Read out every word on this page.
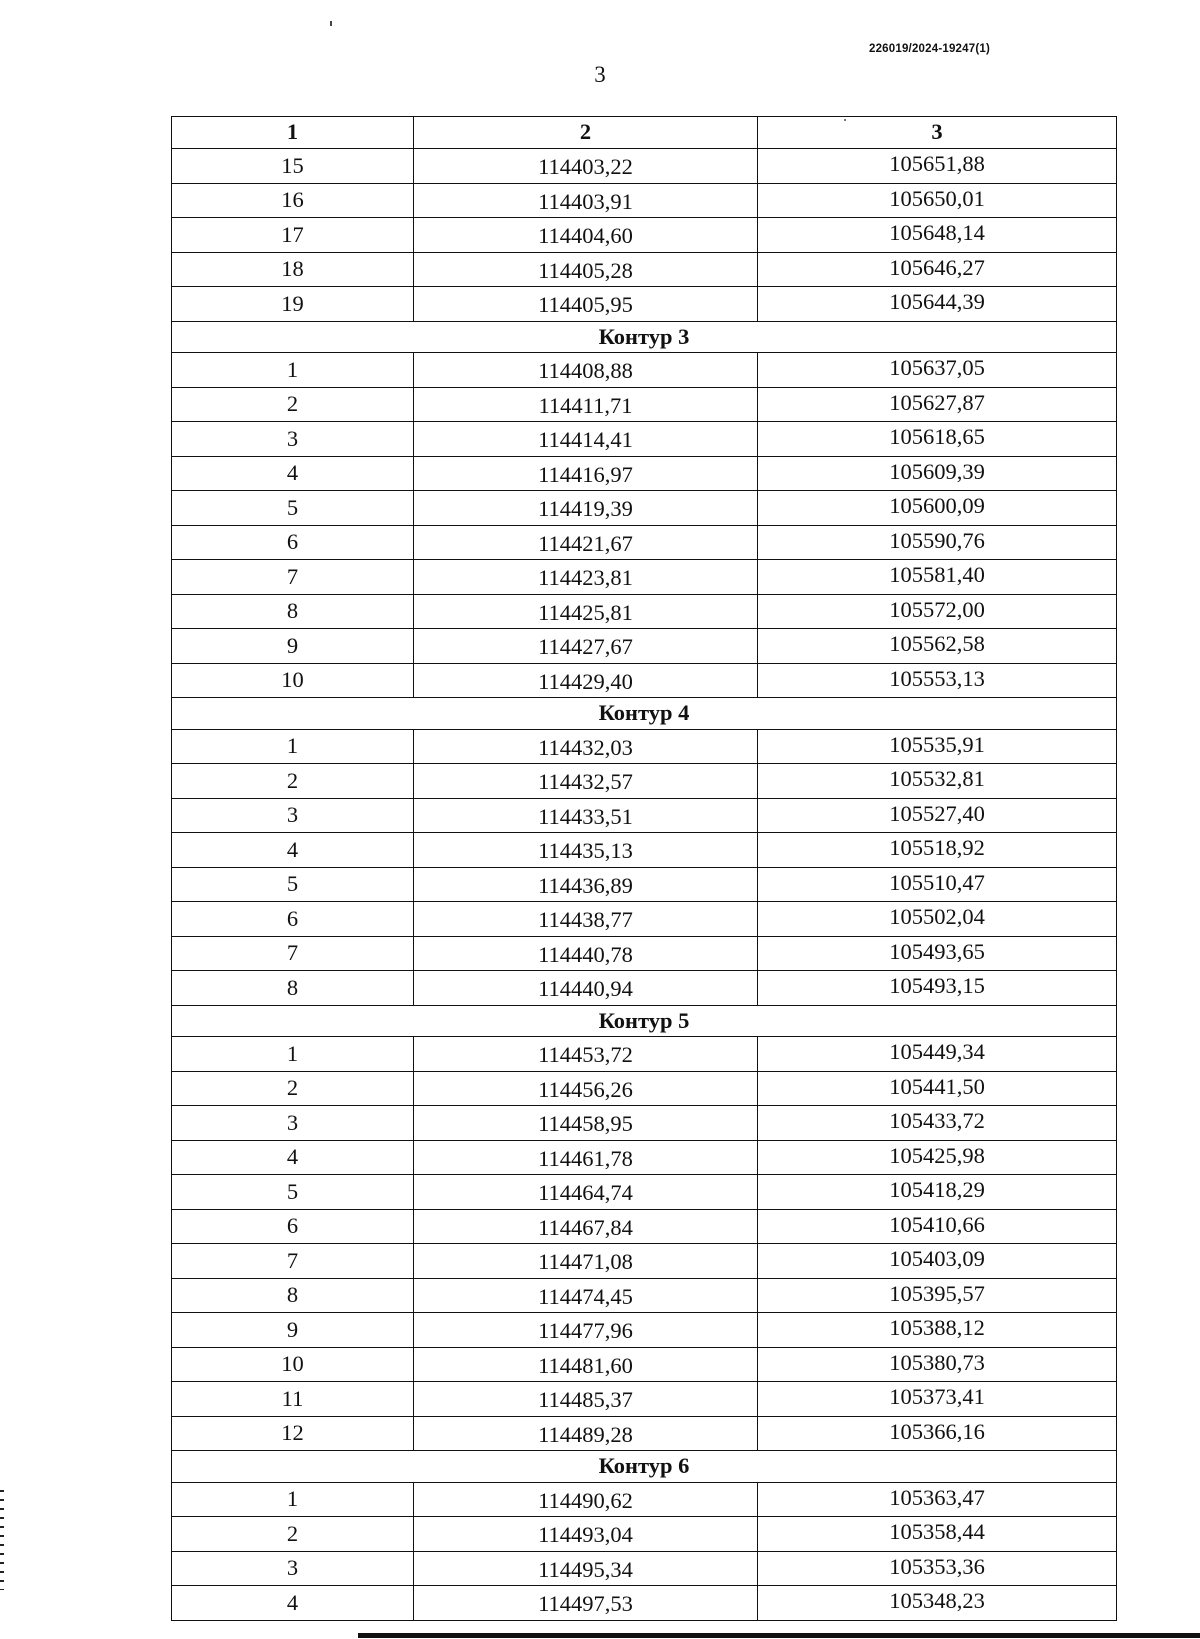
226019/2024-19247(1)
3
1	2	3
15	114403,22	105651,88
16	114403,91	105650,01
17	114404,60	105648,14
18	114405,28	105646,27
19	114405,95	105644,39
Контур 3		
1	114408,88	105637,05
2	114411,71	105627,87
3	114414,41	105618,65
4	114416,97	105609,39
5	114419,39	105600,09
6	114421,67	105590,76
7	114423,81	105581,40
8	114425,81	105572,00
9	114427,67	105562,58
10	114429,40	105553,13
Контур 4		
1	114432,03	105535,91
2	114432,57	105532,81
3	114433,51	105527,40
4	114435,13	105518,92
5	114436,89	105510,47
6	114438,77	105502,04
7	114440,78	105493,65
8	114440,94	105493,15
Контур 5		
1	114453,72	105449,34
2	114456,26	105441,50
3	114458,95	105433,72
4	114461,78	105425,98
5	114464,74	105418,29
6	114467,84	105410,66
7	114471,08	105403,09
8	114474,45	105395,57
9	114477,96	105388,12
10	114481,60	105380,73
11	114485,37	105373,41
12	114489,28	105366,16
Контур 6		
1	114490,62	105363,47
2	114493,04	105358,44
3	114495,34	105353,36
4	114497,53	105348,23
